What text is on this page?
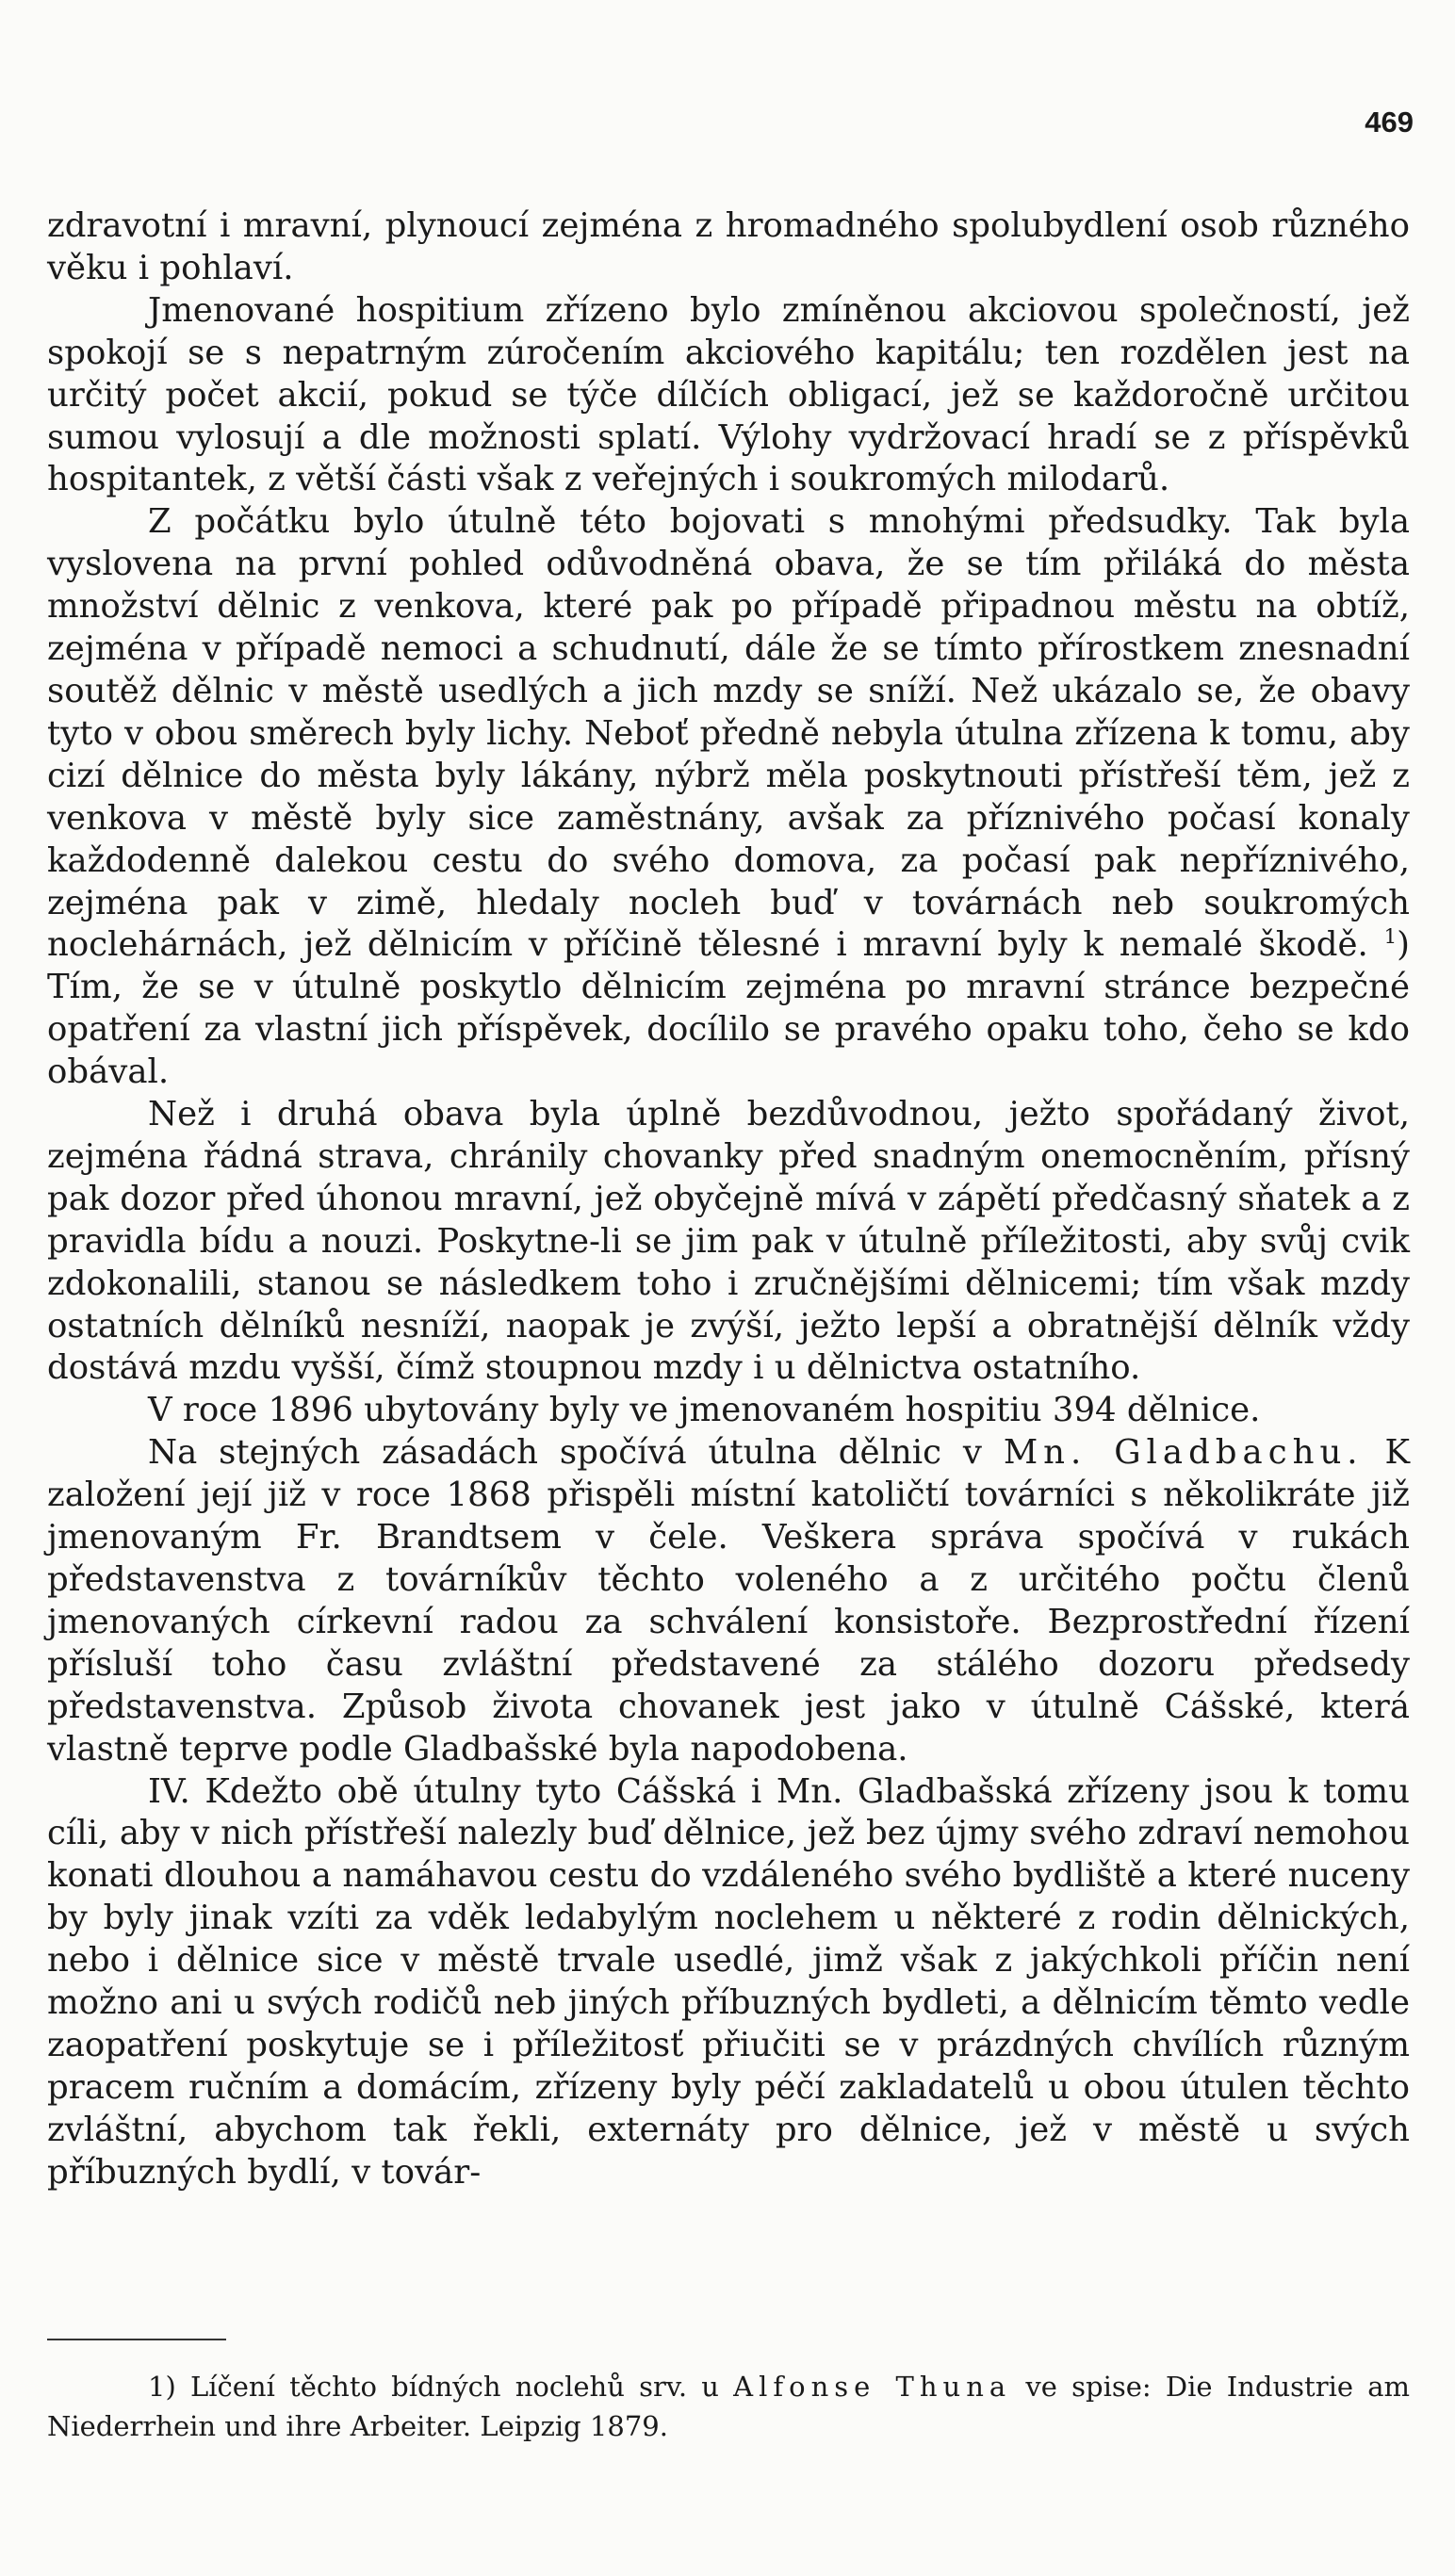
469

zdravotní i mravní, plynoucí zejména z hromadného spolubydlení osob různého věku i pohlaví.

Jmenované hospitium zřízeno bylo zmíněnou akciovou společností, jež spokojí se s nepatrným zúročením akciového kapitálu; ten rozdělen jest na určitý počet akcií, pokud se týče dílčích obligací, jež se každoročně určitou sumou vylosují a dle možnosti splatí. Výlohy vydržovací hradí se z příspěvků hospitantek, z větší části však z veřejných i soukromých milodarů.

Z počátku bylo útulně této bojovati s mnohými předsudky. Tak byla vyslovena na první pohled odůvodněná obava, že se tím přiláká do města množství dělnic z venkova, které pak po případě připadnou městu na obtíž, zejména v případě nemoci a schudnutí, dále že se tímto přírostkem znesnadní soutěž dělnic v městě usedlých a jich mzdy se sníží. Než ukázalo se, že obavy tyto v obou směrech byly lichy. Neboť předně nebyla útulna zřízena k tomu, aby cizí dělnice do města byly lákány, nýbrž měla poskytnouti přístřeší těm, jež z venkova v městě byly sice zaměstnány, avšak za příznivého počasí konaly každodenně dalekou cestu do svého domova, za počasí pak nepříznivého, zejména pak v zimě, hledaly nocleh buď v továrnách neb soukromých noclehárnách, jež dělnicím v příčině tělesné i mravní byly k nemalé škodě. $^1$) Tím, že se v útulně poskytlo dělnicím zejména po mravní stránce bezpečné opatření za vlastní jich příspěvek, docílilo se pravého opaku toho, čeho se kdo obával.

Než i druhá obava byla úplně bezdůvodnou, ježto spořádaný život, zejména řádná strava, chránily chovanky před snadným onemocněním, přísný pak dozor před úhonou mravní, jež obyčejně mívá v zápětí předčasný sňatek a z pravidla bídu a nouzi. Poskytne-li se jim pak v útulně příležitosti, aby svůj cvik zdokonalili, stanou se následkem toho i zručnějšími dělnicemi; tím však mzdy ostatních dělníků nesníží, naopak je zvýší, ježto lepší a obratnější dělník vždy dostává mzdu vyšší, čímž stoupnou mzdy i u dělnictva ostatního.

V roce 1896 ubytovány byly ve jmenovaném hospitiu 394 dělnice.

Na stejných zásadách spočívá útulna dělnic v Mn. Gladbachu. K založení její již v roce 1868 přispěli místní katoličtí továrníci s několikráte již jmenovaným Fr. Brandtsem v čele. Veškera správa spočívá v rukách představenstva z továrníkův těchto voleného a z určitého počtu členů jmenovaných církevní radou za schválení konsistoře. Bezprostřední řízení přísluší toho času zvláštní představené za stálého dozoru předsedy představenstva. Způsob života chovanek jest jako v útulně Cášské, která vlastně teprve podle Gladbašské byla napodobena.

IV. Kdežto obě útulny tyto Cášská i Mn. Gladbašská zřízeny jsou k tomu cíli, aby v nich přístřeší nalezly buď dělnice, jež bez újmy svého zdraví nemohou konati dlouhou a namáhavou cestu do vzdáleného svého bydliště a které nuceny by byly jinak vzíti za vděk ledabylým noclehem u některé z rodin dělnických, nebo i dělnice sice v městě trvale usedlé, jimž však z jakýchkoli příčin není možno ani u svých rodičů neb jiných příbuzných bydleti, a dělnicím těmto vedle zaopatření poskytuje se i příležitosť přiučiti se v prázdných chvílích různým pracem ručním a domácím, zřízeny byly péčí zakladatelů u obou útulen těchto zvláštní, abychom tak řekli, externáty pro dělnice, jež v městě u svých příbuzných bydlí, v továr-

1) Líčení těchto bídných noclehů srv. u Alfonse Thuna ve spise: Die Industrie am Niederrhein und ihre Arbeiter. Leipzig 1879.
